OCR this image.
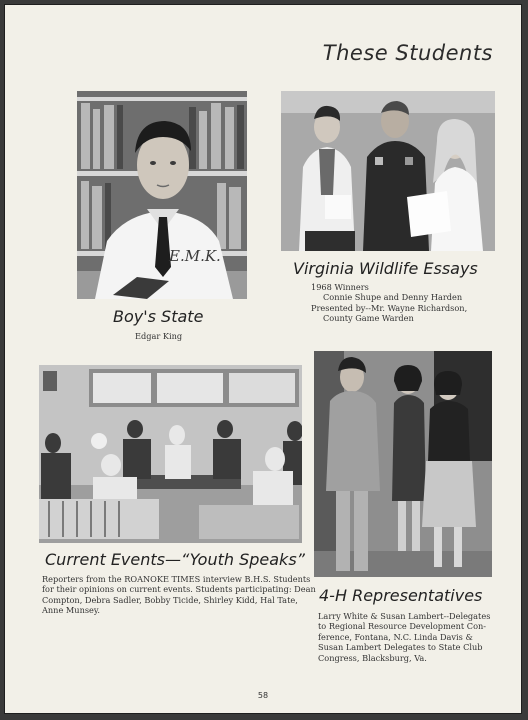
These Students
E.M.K.
Boy's State
Edgar King
Virginia Wildlife Essays
1968 Winners
Connie Shupe and Denny Harden
Presented by--Mr. Wayne Richardson,
County Game Warden
Current Events—“Youth Speaks”
Reporters from the ROANOKE TIMES interview B.H.S. Students
for their opinions on current events. Students participating: Dean
Compton, Debra Sadler, Bobby Ticide, Shirley Kidd, Hal Tate,
Anne Munsey.
4-H Representatives
Larry White & Susan Lambert--Delegates
to Regional Resource Development Con-
ference, Fontana, N.C. Linda Davis &
Susan Lambert Delegates to State Club
Congress, Blacksburg, Va.
58
